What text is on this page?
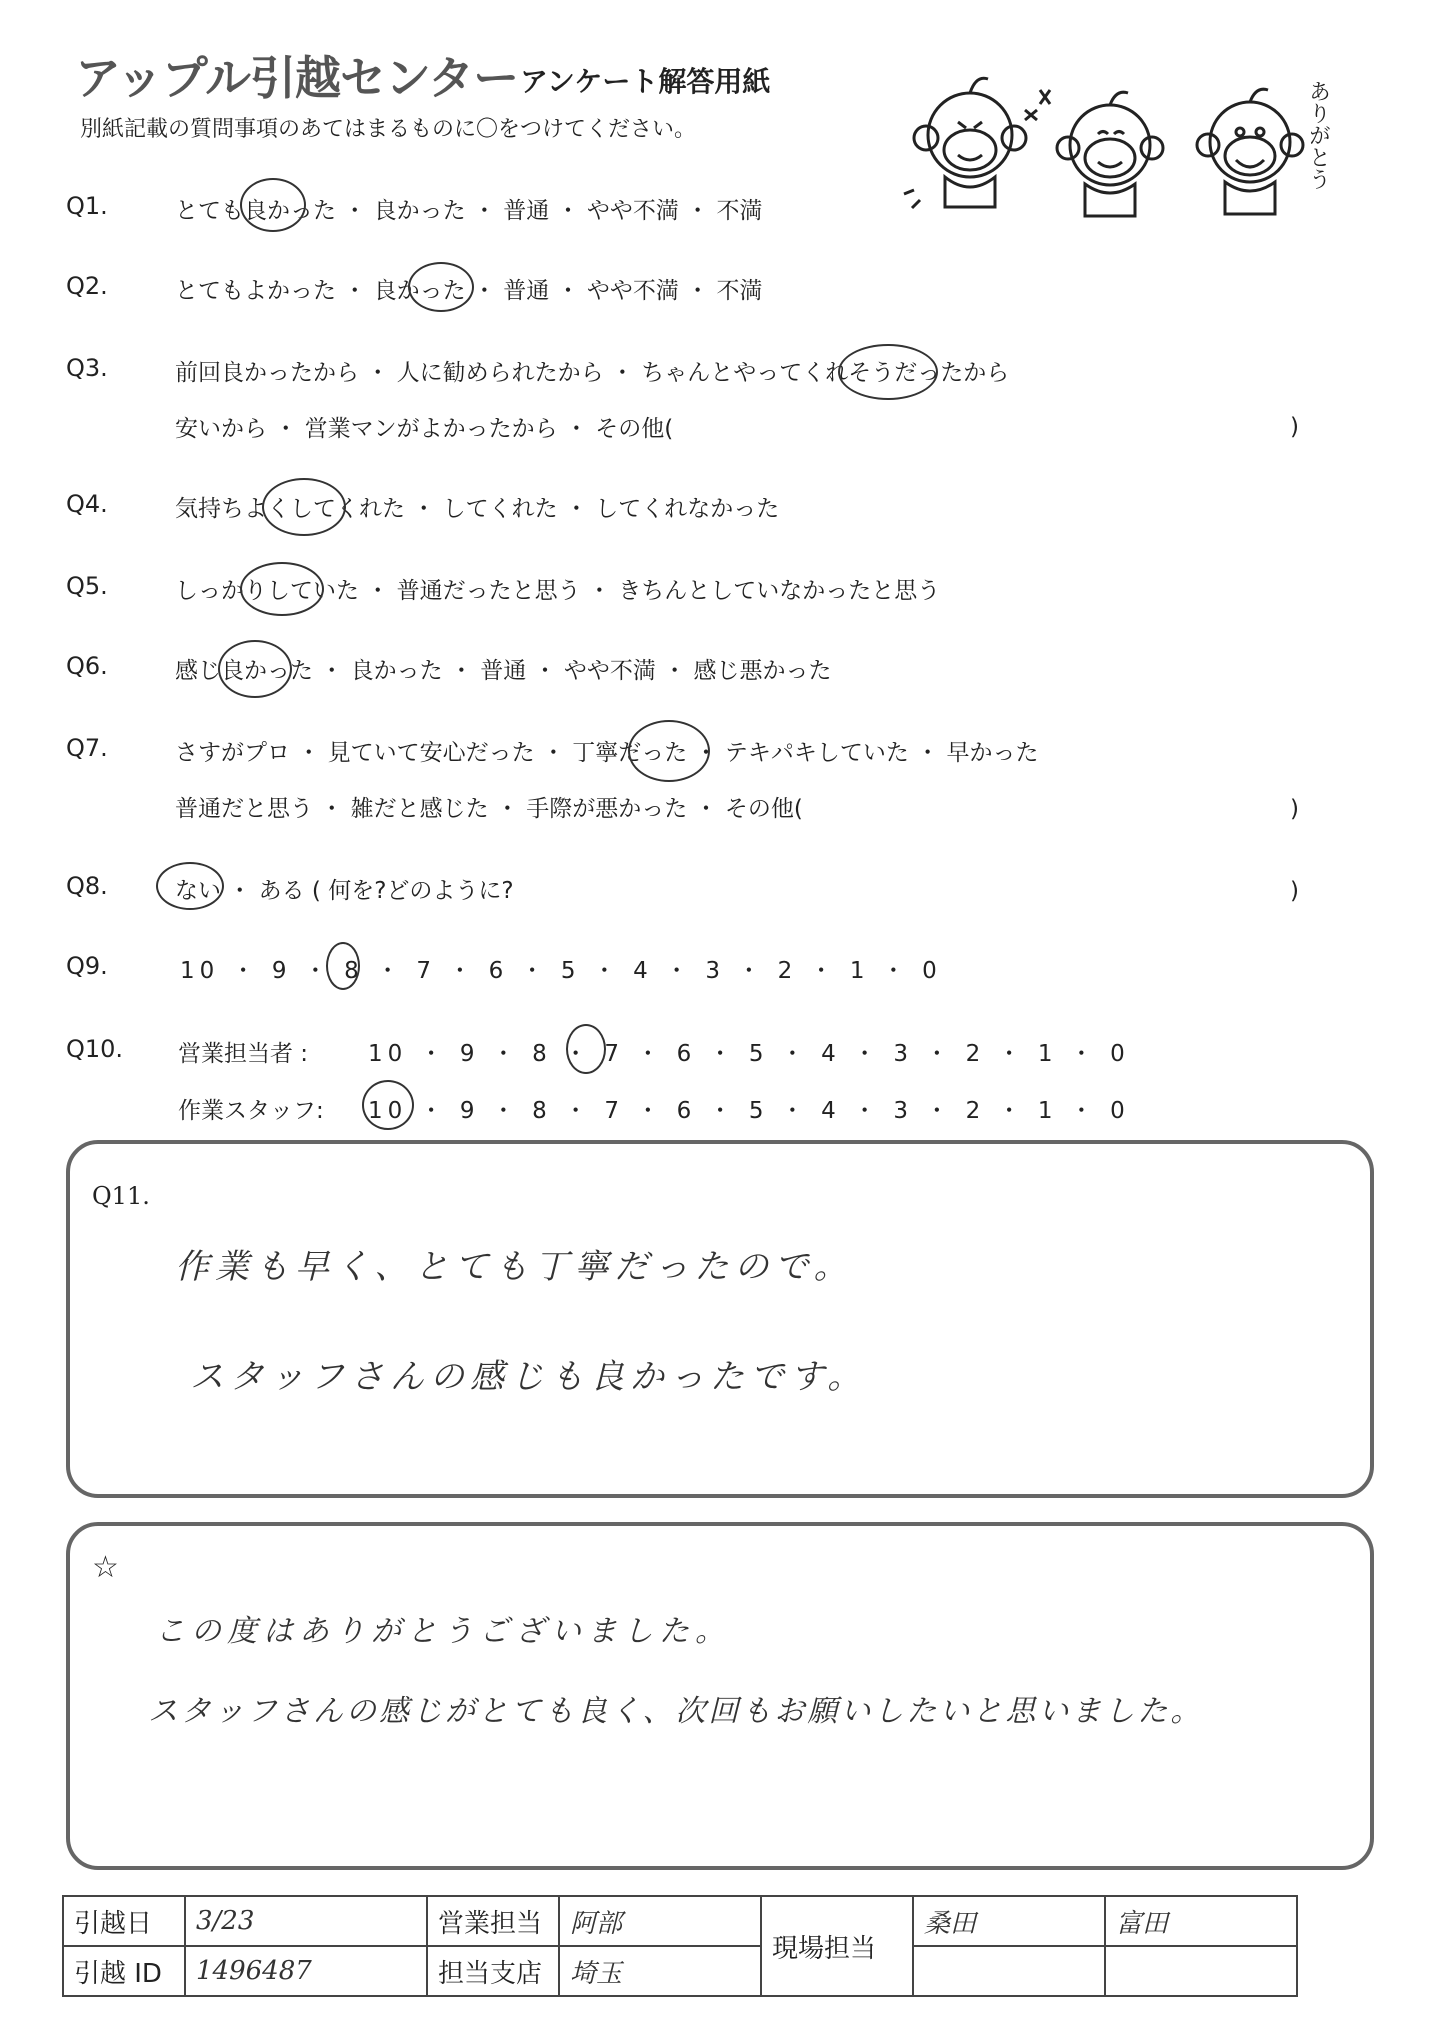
アップル引越センター アンケート解答用紙
別紙記載の質問事項のあてはまるものに〇をつけてください。	ありがとう
Q1.	とても良かった ・ 良かった ・ 普通 ・ やや不満 ・ 不満
Q2.	とてもよかった ・ 良かった ・ 普通 ・ やや不満 ・ 不満
Q3.	前回良かったから ・ 人に勧められたから ・ ちゃんとやってくれそうだったから
安いから ・ 営業マンがよかったから ・ その他(	)
Q4.	気持ちよくしてくれた ・ してくれた ・ してくれなかった
Q5.	しっかりしていた ・ 普通だったと思う ・ きちんとしていなかったと思う
Q6.	感じ良かった ・ 良かった ・ 普通 ・ やや不満 ・ 感じ悪かった
Q7.	さすがプロ ・ 見ていて安心だった ・ 丁寧だった ・ テキパキしていた ・ 早かった
普通だと思う ・ 雑だと感じた ・ 手際が悪かった ・ その他(	)
Q8.	ない ・ ある ( 何を?どのように?	)
Q9.	10 ・ 9 ・ 8 ・ 7 ・ 6 ・ 5 ・ 4 ・ 3 ・ 2 ・ 1 ・ 0
Q10. 営業担当者 :	10 ・ 9 ・ 8 ・ 7 ・ 6 ・ 5 ・ 4 ・ 3 ・ 2 ・ 1 ・ 0
作業スタッフ: 10 ・ 9 ・ 8 ・ 7 ・ 6 ・ 5 ・ 4 ・ 3 ・ 2 ・ 1 ・ 0
Q11.
作業も早く、とても丁寧だったので。
スタッフさんの感じも良かったです。
☆
この度はありがとうございました。
スタッフさんの感じがとても良く、次回もお願いしたいと思いました。
引越日	3/23	営業担当	阿部	現場担当	桑田	富田
引越 ID	1496487	担当支店	埼玉			
